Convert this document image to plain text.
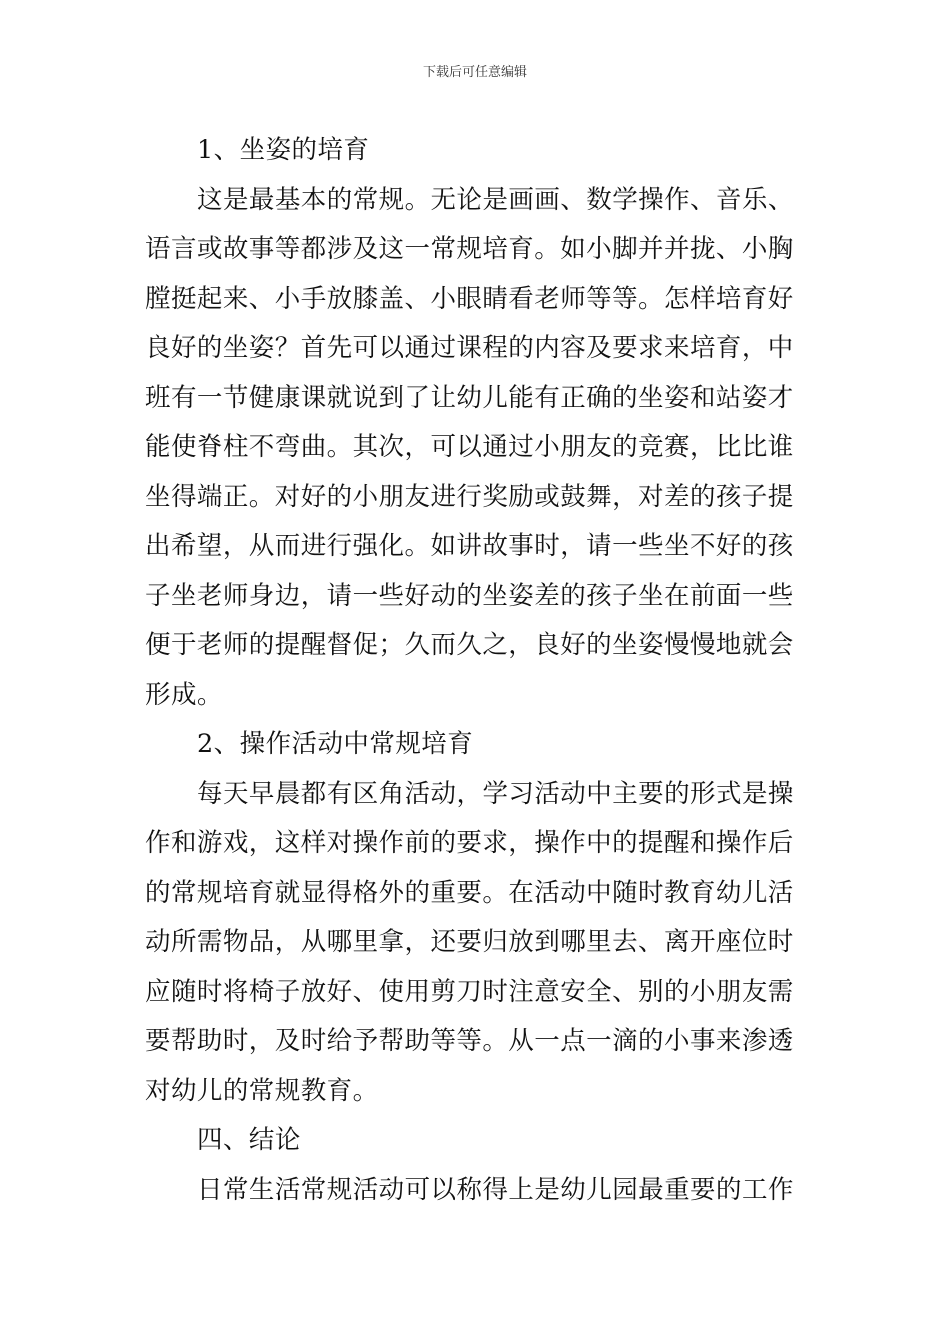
下载后可任意编辑
1、坐姿的培育
这是最基本的常规。无论是画画、数学操作、音乐、
语言或故事等都涉及这一常规培育。如小脚并并拢、小胸
膛挺起来、小手放膝盖、小眼睛看老师等等。怎样培育好
良好的坐姿？首先可以通过课程的内容及要求来培育，中
班有一节健康课就说到了让幼儿能有正确的坐姿和站姿才
能使脊柱不弯曲。其次，可以通过小朋友的竞赛，比比谁
坐得端正。对好的小朋友进行奖励或鼓舞，对差的孩子提
出希望，从而进行强化。如讲故事时，请一些坐不好的孩
子坐老师身边，请一些好动的坐姿差的孩子坐在前面一些
便于老师的提醒督促；久而久之，良好的坐姿慢慢地就会
形成。
2、操作活动中常规培育
每天早晨都有区角活动，学习活动中主要的形式是操
作和游戏，这样对操作前的要求，操作中的提醒和操作后
的常规培育就显得格外的重要。在活动中随时教育幼儿活
动所需物品，从哪里拿，还要归放到哪里去、离开座位时
应随时将椅子放好、使用剪刀时注意安全、别的小朋友需
要帮助时，及时给予帮助等等。从一点一滴的小事来渗透
对幼儿的常规教育。
四、结论
日常生活常规活动可以称得上是幼儿园最重要的工作
